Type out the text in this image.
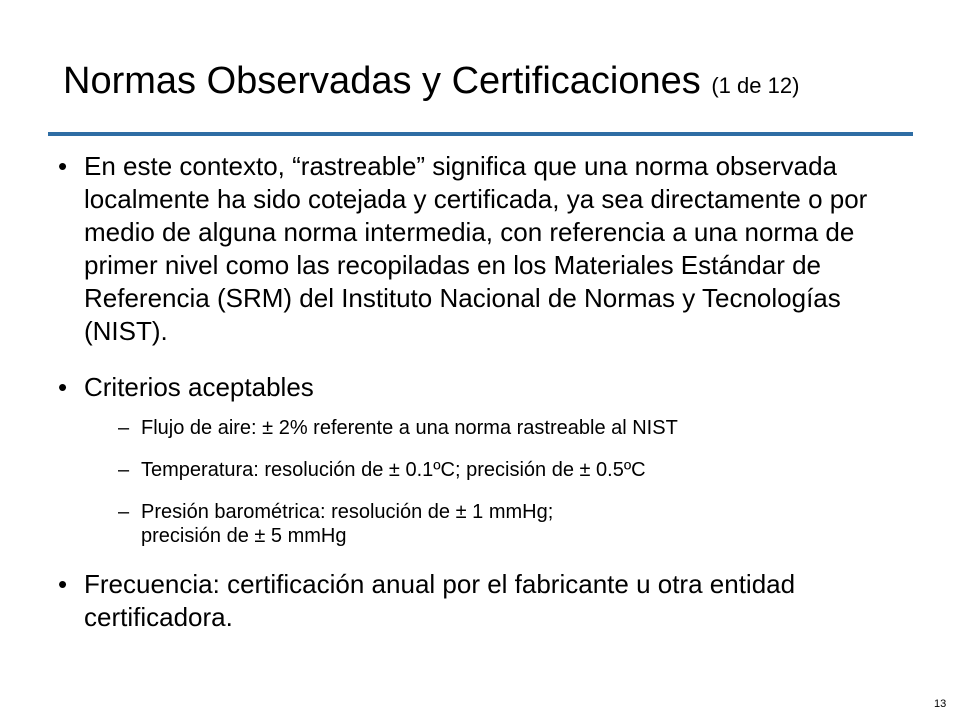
Normas Observadas y Certificaciones (1 de 12)
• En este contexto, “rastreable” significa que una norma observada localmente ha sido cotejada y certificada, ya sea directamente o por medio de alguna norma intermedia, con referencia a una norma de primer nivel como las recopiladas en los Materiales Estándar de Referencia (SRM) del Instituto Nacional de Normas y Tecnologías (NIST).
• Criterios aceptables
– Flujo de aire: ± 2% referente a una norma rastreable al NIST
– Temperatura: resolución de ± 0.1ºC; precisión de ± 0.5ºC
– Presión barométrica: resolución de ± 1 mmHg;
precisión de ± 5 mmHg
• Frecuencia: certificación anual por el fabricante u otra entidad certificadora.
13
